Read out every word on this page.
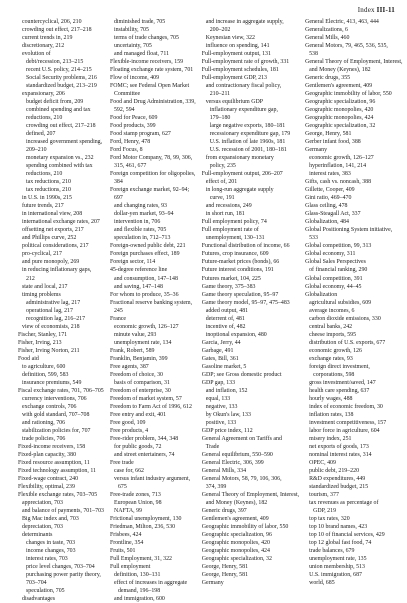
Index III-11
countercyclical, 206, 210
crowding out effect, 217–218
current trends in, 219
discretionary, 212
evolution of
debt/recession, 213–215
recent U.S. policy, 214–215
Social Security problems, 216
standardized budget, 213–219
expansionary, 206
budget deficit from, 209
combined spending and tax
reductions, 210
crowding out effect, 217–218
defined, 207
increased government spending,
209–210
monetary expansion vs., 232
spending combined with tax
reductions, 210
tax reductions, 210
tax reductions, 210
in U.S. in 1990s, 215
future trends, 217
in international view, 208
international exchange rates, 207
offsetting net exports, 217
and Phillips curve, 252
political considerations, 217
pro-cyclical, 217
and pure monopoly, 269
in reducing inflationary gaps,
212
state and local, 217
timing problems
administrative lag, 217
operational lag, 217
recognition lag, 216–217
view of economists, 218
Fischer, Stanley, 171
Fisher, Irving, 213
Fisher, Irving Norton, 211
Food aid
to agriculture, 600
definition, 599, 583
insurance premiums, 549
Fiscal exchange rates, 701, 706–705
currency interventions, 706
exchange controls, 706
with gold standard, 707–708
and rationing, 706
stabilization policies for, 707
trade policies, 706
Fixed-income receivers, 158
Fixed-plan capacity, 380
Fixed resource assumption, 11
Fixed technology assumption, 11
Fixed-wage contract, 240
Flexibility, optimal, 239
Flexible exchange rates, 703–705
appreciation, 703
and balance of payments, 701–703
Big Mac index and, 703
depreciation, 703
determinants
changes in taste, 703
income changes, 703
interest rates, 703
price level changes, 703–704
purchasing power parity theory,
703–704
speculation, 705
disadvantages
diminished trade, 705
instability, 705
terms of trade changes, 705
uncertainty, 705
and managed float, 711
Flexible-income receivers, 159
Floating exchange rate system, 701
Flow of income, 409
FOMC; see Federal Open Market
Committee
Food and Drug Administration, 339,
592, 594
Food for Peace, 609
Food products, 399
Food stamp program, 627
Ford, Henry, 478
Ford Focus, 8
Ford Motor Company, 78, 99, 306,
315, 461, 677
Foreign competition for oligopolies,
384
Foreign exchange market, 92–94;
697
and changing rates, 93
dollar-yen market, 93–94
intervention in, 706
and flexible rates, 705
speculation in, 712–713
Foreign-owned public debt, 221
Foreign purchases effect, 189
Foreign sector, 114
45-degree reference line
and consumption, 147–148
and saving, 147–148
For whom to produce, 35–36
Fractional reserve banking system,
245
France
economic growth, 126–127
minute value, 293
unemployment rate, 134
Frank, Robert, 589
Franklin, Benjamin, 399
Free agents, 387
Freedom of choice, 30
basis of comparison, 31
Freedom of enterprise, 30
Freedom of market system, 57
Freedom to Farm Act of 1996, 612
Free entry and exit, 401
Free good, 109
Free products, 4
Free-rider problem, 344, 348
for public goods, 72
and street entertainers, 74
Free trade
case for, 662
versus infant industry argument,
675
Free-trade zones, 713
European Union, 98
NAFTA, 99
Frictional unemployment, 130
Friedman, Milton, 236, 530
Frisbees, 424
Frontline, 354
Fruits, 501
Full Employment, 31, 322
Full employment
definition, 130–131
effect of increases in aggregate
demand, 196–198
and immigration, 600
and increase in aggregate supply,
200–202
Keynesian view, 322
influence on spending, 141
Full-employment output, 131
Full-employment rate of growth, 331
Full-employment schedules, 181
Full-employment GDP, 213
and contractionary fiscal policy,
210–211
versus equilibrium GDP
inflationary expenditure gap,
179–180
large negative exports, 180–181
recessionary expenditure gap, 179
U.S. inflation of late 1960s, 181
U.S. recession of 2001, 180–181
from expansionary monetary
policy, 235
Full-employment output, 206–207
effect of, 201
in long-run aggregate supply
curve, 191
and recessions, 249
in short run, 181
Full employment policy, 74
Full employment rate of
unemployment, 130–131
Functional distribution of income, 66
Futures, crop insurance, 609
Future-market prices (bonds), 66
Future interest conditions, 191
Futures market, 104, 225
Game theory, 375–383
Game theory speculation, 95–97
Game theory model, 95–97, 475–483
added output, 481
deterrent of, 481
incentive of, 482
inoptional expansion, 480
Garcia, Jerry, 44
Garbage, 491
Gates, Bill, 361
Gasoline market, 5
GDP; see Gross domestic product
GDP gap, 133
and inflation, 152
equal, 133
negative, 133
by Okun's law, 133
positive, 133
GDP price index, 112
General Agreement on Tariffs and
Trade
General equilibrium, 550–590
General Electric, 306, 399
General Mills, 334
General Motors, 58, 79, 106, 306,
374, 399
General Theory of Employment, Interest,
and Money (Keynes), 182
Generic drugs, 397
Gentlemen's agreement, 409
Geographic immobility of labor, 550
Geographic specialization, 96
Geographic monopolies, 420
Geographic monopolies, 424
Geographic specialization, 32
George, Henry, 581
George, Henry, 581
Germany
General Electric, 413, 463, 444
Generalizations, 6
General Mills, 460
General Motors, 79, 465, 536, 535,
538
General Theory of Employment, Interest,
and Money (Keynes), 182
Generic drugs, 355
Gentlemen's agreement, 409
Geographic immobility of labor, 550
Geographic specialization, 96
Geographic monopolies, 420
Geographic monopolies, 424
Geographic specialization, 32
George, Henry, 581
Gerber infant food, 388
Germany
economic growth, 126–127
hyperinflation, 141, 214
interest rates, 383
Gifts, cash vs. noncash, 388
Gillette, Cooper, 409
Gini ratio, 469–470
Glass ceiling, 478
Glass-Steagall Act, 337
Globalization, 484
Global Positioning System initiative,
533
Global competition, 99, 313
Global economy, 311
Global Sales Perspectives
of financial ranking, 290
Global competition, 391
Global economy, 44–45
Globalization
agricultural subsidies, 609
average incomes, 6
carbon dioxide emissions, 330
central banks, 242
cheese imports, 595
distribution of U.S. exports, 677
economic growth, 126
exchange rates, 93
foreign direct investment,
corporations, 598
gross investment/saved, 147
health care spending, 637
hourly wages, 488
index of economic freedom, 30
inflation rates, 138
investment competitiveness, 157
labor force in agriculture, 604
misery index, 251
net exports of goods, 173
nominal interest rates, 314
OPEC, 409
public debt, 219–220
R&D expenditures, 449
standardized budget, 215
tourism, 377
tax revenues as percentage of
GDP, 219
top tax rates, 320
top 10 brand names, 423
top 10 of financial services, 429
top 12 global fast food, 74
trade balances, 679
unemployment rate, 135
union membership, 513
U.S. immigration, 687
world, 685
